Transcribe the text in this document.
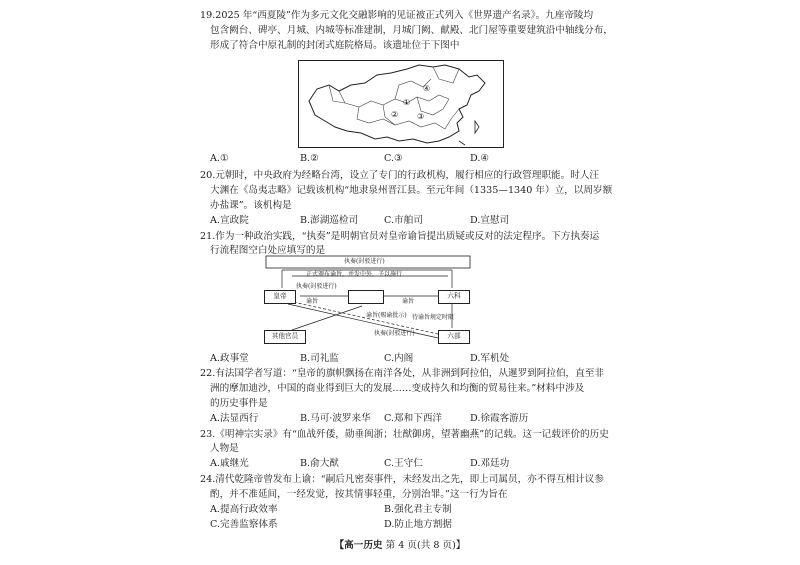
19.2025 年“西夏陵”作为多元文化交融影响的见证被正式列入《世界遗产名录》。九座帝陵均
包含阙台、碑亭、月城、内城等标准建制，月城门阙、献殿、北门屋等重要建筑沿中轴线分布，
形成了符合中原礼制的封闭式庭院格局。该遗址位于下图中
①
② ③
④
A.①	B.②	C.③	D.④
20.元朝时，中央政府为经略台湾，设立了专门的行政机构，履行相应的行政管理职能。时人汪
大渊在《岛夷志略》记载该机构“地隶泉州晋江县。至元年间（1335—1340 年）立，以周岁额
办盐课”。该机构是
A.宣政院	B.澎湖巡检司	C.市舶司	D.宣慰司
21.作为一种政治实践，“执奏”是明朝官员对皇帝谕旨提出质疑或反对的法定程序。下方执奏运
行流程图空白处应填写的是
执奏(封驳进行)
正式颁布谕旨，并发中外，予以施行
执奏(封驳进行)
谕旨	谕旨
谕旨(赐谕批示)
执奏(封驳进行)
待谕旨规定时限
皇帝	六科
其他官员	六部
A.政事堂	B.司礼监	C.内阁	D.军机处
22.有法国学者写道：“皇帝的旗帜飘扬在南洋各处，从非洲到阿拉伯，从暹罗到阿拉伯，直至非
洲的摩加迪沙，中国的商业得到巨大的发展……变成持久和均衡的贸易往来。”材料中涉及
的历史事件是
A.法显西行	B.马可·波罗来华 C.郑和下西洋	D.徐霞客游历
23.《明神宗实录》有“血战歼倭，勋垂闽浙；壮猷御虏，望著幽燕”的记载。这一记载评价的历史
人物是
A.戚继光	B.俞大猷	C.王守仁	D.邓廷功
24.清代乾隆帝曾发布上谕：“嗣后凡密奏事件，未经发出之先，即上司属员，亦不得互相计议参
酌，并不准延间，一经发觉，按其情事轻重，分别治罪。”这一行为旨在
A.提高行政效率	B.强化君主专制
C.完善监察体系	D.防止地方割据
【高一历史 第 4 页(共 8 页)】
